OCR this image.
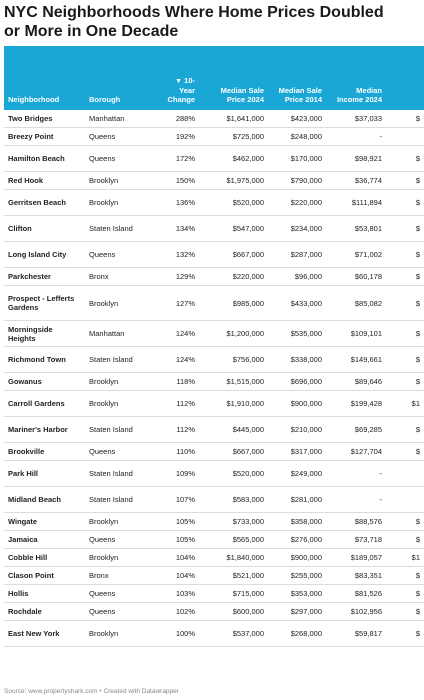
NYC Neighborhoods Where Home Prices Doubled or More in One Decade
Neighborhood	Borough	▼ 10-Year Change	Median Sale Price 2024	Median Sale Price 2014	Median Income 2024	
Two Bridges	Manhattan	288%	$1,641,000	$423,000	$37,033	$
Breezy Point	Queens	192%	$725,000	$248,000	-	
Hamilton Beach	Queens	172%	$462,000	$170,000	$98,921	$
Red Hook	Brooklyn	150%	$1,975,000	$790,000	$36,774	$
Gerritsen Beach	Brooklyn	136%	$520,000	$220,000	$111,894	$
Clifton	Staten Island	134%	$547,000	$234,000	$53,801	$
Long Island City	Queens	132%	$667,000	$287,000	$71,002	$
Parkchester	Bronx	129%	$220,000	$96,000	$60,178	$
Prospect - Lefferts Gardens	Brooklyn	127%	$985,000	$433,000	$85,082	$
Morningside Heights	Manhattan	124%	$1,200,000	$535,000	$109,101	$
Richmond Town	Staten Island	124%	$756,000	$338,000	$149,661	$
Gowanus	Brooklyn	118%	$1,515,000	$696,000	$89,646	$
Carroll Gardens	Brooklyn	112%	$1,910,000	$900,000	$199,428	$1
Mariner's Harbor	Staten Island	112%	$445,000	$210,000	$69,285	$
Brookville	Queens	110%	$667,000	$317,000	$127,704	$
Park Hill	Staten Island	109%	$520,000	$249,000	-	
Midland Beach	Staten Island	107%	$583,000	$281,000	-	
Wingate	Brooklyn	105%	$733,000	$358,000	$88,576	$
Jamaica	Queens	105%	$565,000	$276,000	$73,718	$
Cobble Hill	Brooklyn	104%	$1,840,000	$900,000	$189,057	$1
Clason Point	Bronx	104%	$521,000	$255,000	$83,351	$
Hollis	Queens	103%	$715,000	$353,000	$81,526	$
Rochdale	Queens	102%	$600,000	$297,000	$102,956	$
East New York	Brooklyn	100%	$537,000	$268,000	$59,817	$
Source: www.propertyshark.com • Created with Datawrapper
